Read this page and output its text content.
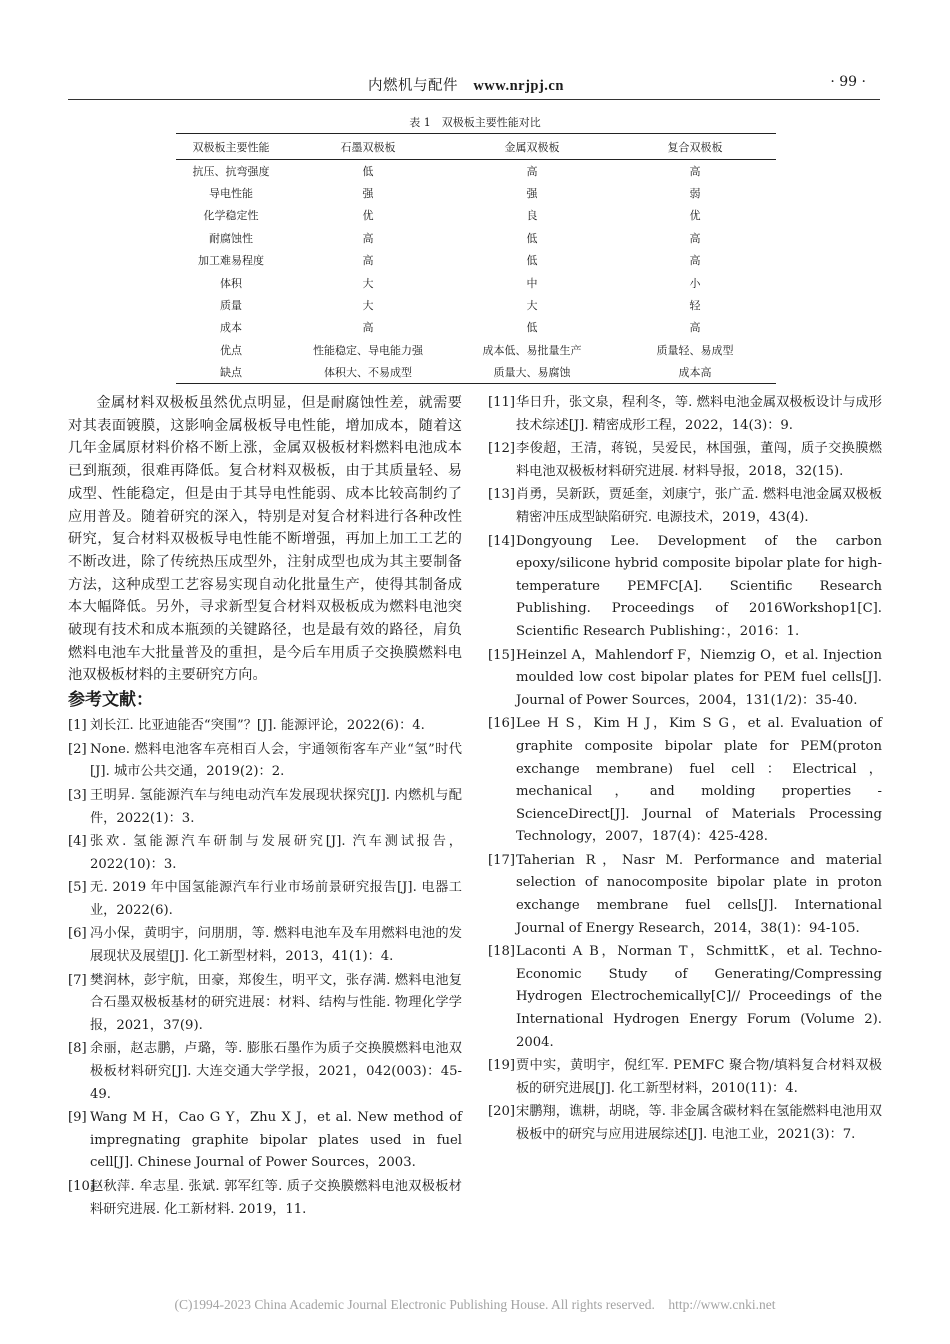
内燃机与配件 www.nrjpj.cn	· 99 ·
表 1　双极板主要性能对比
双极板主要性能	石墨双极板	金属双极板	复合双极板
抗压、抗弯强度	低	高	高
导电性能	强	强	弱
化学稳定性	优	良	优
耐腐蚀性	高	低	高
加工难易程度	高	低	高
体积	大	中	小
质量	大	大	轻
成本	高	低	高
优点	性能稳定、导电能力强	成本低、易批量生产	质量轻、易成型
缺点	体积大、不易成型	质量大、易腐蚀	成本高

金属材料双极板虽然优点明显，但是耐腐蚀性差，就需要对其表面镀膜，这影响金属极板导电性能，增加成本，随着这几年金属原材料价格不断上涨，金属双极板材料燃料电池成本已到瓶颈，很难再降低。复合材料双极板，由于其质量轻、易成型、性能稳定，但是由于其导电性能弱、成本比较高制约了应用普及。随着研究的深入，特别是对复合材料进行各种改性研究，复合材料双极板导电性能不断增强，再加上加工工艺的不断改进，除了传统热压成型外，注射成型也成为其主要制备方法，这种成型工艺容易实现自动化批量生产，使得其制备成本大幅降低。另外，寻求新型复合材料双极板成为燃料电池突破现有技术和成本瓶颈的关键路径，也是最有效的路径，肩负燃料电池车大批量普及的重担，是今后车用质子交换膜燃料电池双极板材料的主要研究方向。

参考文献：
[1] 刘长江. 比亚迪能否“突围”？[J]. 能源评论，2022(6)：4.
[2] None. 燃料电池客车亮相百人会，宇通领衔客车产业“氢”时代[J]. 城市公共交通，2019(2)：2.
[3] 王明昇. 氢能源汽车与纯电动汽车发展现状探究[J]. 内燃机与配件，2022(1)：3.
[4] 张欢. 氢能源汽车研制与发展研究[J]. 汽车测试报告，2022(10)：3.
[5] 无. 2019 年中国氢能源汽车行业市场前景研究报告[J]. 电器工业，2022(6).
[6] 冯小保，黄明宇，问朋朋，等. 燃料电池车及车用燃料电池的发展现状及展望[J]. 化工新型材料，2013，41(1)：4.
[7] 樊润林，彭宇航，田豪，郑俊生，明平文，张存满. 燃料电池复合石墨双极板基材的研究进展：材料、结构与性能. 物理化学学报，2021，37(9).
[8] 余丽，赵志鹏，卢璐，等. 膨胀石墨作为质子交换膜燃料电池双极板材料研究[J]. 大连交通大学学报，2021，042(003)：45-49.
[9] Wang M H，Cao G Y，Zhu X J，et al. New method of impregnating graphite bipolar plates used in fuel cell[J]. Chinese Journal of Power Sources，2003.
[10]
赵秋萍. 牟志星. 张斌. 郭军红等. 质子交换膜燃料电池双极板材料研究进展. 化工新材料. 2019，11.
[11] 华日升，张文泉，程利冬，等. 燃料电池金属双极板设计与成形技术综述[J]. 精密成形工程，2022，14(3)：9.
[12] 李俊超，王清，蒋锐，吴爱民，林国强，董闯，质子交换膜燃料电池双极板材料研究进展. 材料导报，2018，32(15).
[13] 肖勇，吴新跃，贾延奎，刘康宁，张广孟. 燃料电池金属双极板精密冲压成型缺陷研究. 电源技术，2019，43(4).
[14] Dongyoung Lee. Development of the carbon epoxy/silicone hybrid composite bipolar plate for high-temperature PEMFC[A]. Scientific Research Publishing. Proceedings of 2016Workshop1[C]. Scientific Research Publishing：，2016：1.
[15] Heinzel A，Mahlendorf F，Niemzig O，et al. Injection moulded low cost bipolar plates for PEM fuel cells[J]. Journal of Power Sources，2004，131(1/2)：35-40.
[16] Lee H S，Kim H J，Kim S G，et al. Evaluation of graphite composite bipolar plate for PEM(proton exchange membrane) fuel cell：Electrical，mechanical，and molding properties - ScienceDirect[J]. Journal of Materials Processing Technology，2007，187(4)：425-428.
[17] Taherian R，Nasr M. Performance and material selection of nanocomposite bipolar plate in proton exchange membrane fuel cells[J]. International Journal of Energy Research，2014，38(1)：94-105.
[18] Laconti A B，Norman T，SchmittK，et al. Techno-Economic Study of Generating/Compressing Hydrogen Electrochemically[C]// Proceedings of the International Hydrogen Energy Forum (Volume 2). 2004.
[19] 贾中实，黄明宇，倪红军. PEMFC 聚合物/填料复合材料双极板的研究进展[J]. 化工新型材料，2010(11)：4.
[20] 宋鹏翔，谯耕，胡晓，等. 非金属含碳材料在氢能燃料电池用双极板中的研究与应用进展综述[J]. 电池工业，2021(3)：7.
(C)1994-2023 China Academic Journal Electronic Publishing House. All rights reserved. http://www.cnki.net
